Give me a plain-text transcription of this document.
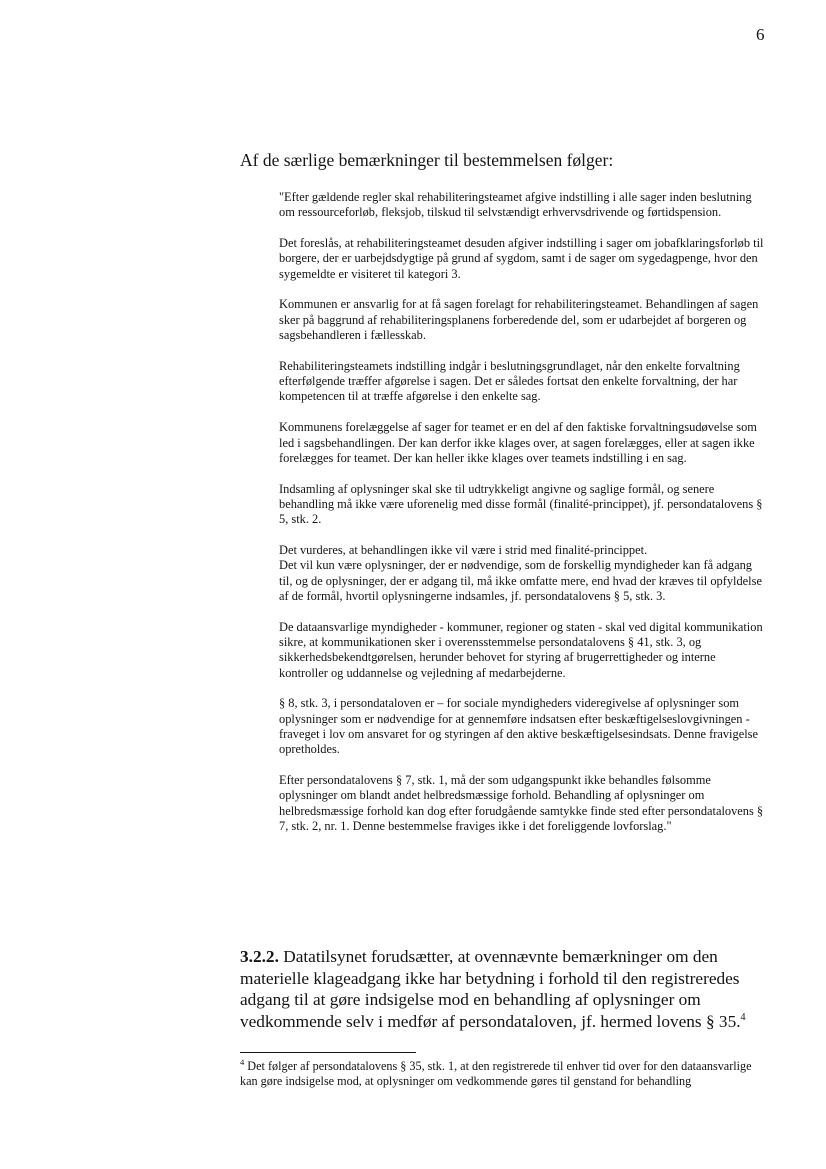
6

Af de særlige bemærkninger til bestemmelsen følger:

"Efter gældende regler skal rehabiliteringsteamet afgive indstilling i alle sager inden beslutning om ressourceforløb, fleksjob, tilskud til selvstændigt erhvervsdrivende og førtidspension.

Det foreslås, at rehabiliteringsteamet desuden afgiver indstilling i sager om jobafklaringsforløb til borgere, der er uarbejdsdygtige på grund af sygdom, samt i de sager om sygedagpenge, hvor den sygemeldte er visiteret til kategori 3.

Kommunen er ansvarlig for at få sagen forelagt for rehabiliteringsteamet. Behandlingen af sagen sker på baggrund af rehabiliteringsplanens forberedende del, som er udarbejdet af borgeren og sagsbehandleren i fællesskab.

Rehabiliteringsteamets indstilling indgår i beslutningsgrundlaget, når den enkelte forvaltning efterfølgende træffer afgørelse i sagen. Det er således fortsat den enkelte forvaltning, der har kompetencen til at træffe afgørelse i den enkelte sag.

Kommunens forelæggelse af sager for teamet er en del af den faktiske forvaltningsudøvelse som led i sagsbehandlingen. Der kan derfor ikke klages over, at sagen forelægges, eller at sagen ikke forelægges for teamet. Der kan heller ikke klages over teamets indstilling i en sag.

Indsamling af oplysninger skal ske til udtrykkeligt angivne og saglige formål, og senere behandling må ikke være uforenelig med disse formål (finalité-princippet), jf. persondatalovens § 5, stk. 2.

Det vurderes, at behandlingen ikke vil være i strid med finalité-princippet.
Det vil kun være oplysninger, der er nødvendige, som de forskellig myndigheder kan få adgang til, og de oplysninger, der er adgang til, må ikke omfatte mere, end hvad der kræves til opfyldelse af de formål, hvortil oplysningerne indsamles, jf. persondatalovens § 5, stk. 3.

De dataansvarlige myndigheder - kommuner, regioner og staten - skal ved digital kommunikation sikre, at kommunikationen sker i overensstemmelse persondatalovens § 41, stk. 3, og sikkerhedsbekendtgørelsen, herunder behovet for styring af brugerrettigheder og interne kontroller og uddannelse og vejledning af medarbejderne.

§ 8, stk. 3, i persondataloven er – for sociale myndigheders videregivelse af oplysninger som oplysninger som er nødvendige for at gennemføre indsatsen efter beskæftigelseslovgivningen - fraveget i lov om ansvaret for og styringen af den aktive beskæftigelsesindsats. Denne fravigelse opretholdes.

Efter persondatalovens § 7, stk. 1, må der som udgangspunkt ikke behandles følsomme oplysninger om blandt andet helbredsmæssige forhold. Behandling af oplysninger om helbredsmæssige forhold kan dog efter forudgående samtykke finde sted efter persondatalovens § 7, stk. 2, nr. 1. Denne bestemmelse fraviges ikke i det foreliggende lovforslag."

3.2.2. Datatilsynet forudsætter, at ovennævnte bemærkninger om den materielle klageadgang ikke har betydning i forhold til den registreredes adgang til at gøre indsigelse mod en behandling af oplysninger om vedkommende selv i medfør af persondataloven, jf. hermed lovens § 35.$^4$

$^4$ Det følger af persondatalovens § 35, stk. 1, at den registrerede til enhver tid over for den dataansvarlige kan gøre indsigelse mod, at oplysninger om vedkommende gøres til genstand for behandling
